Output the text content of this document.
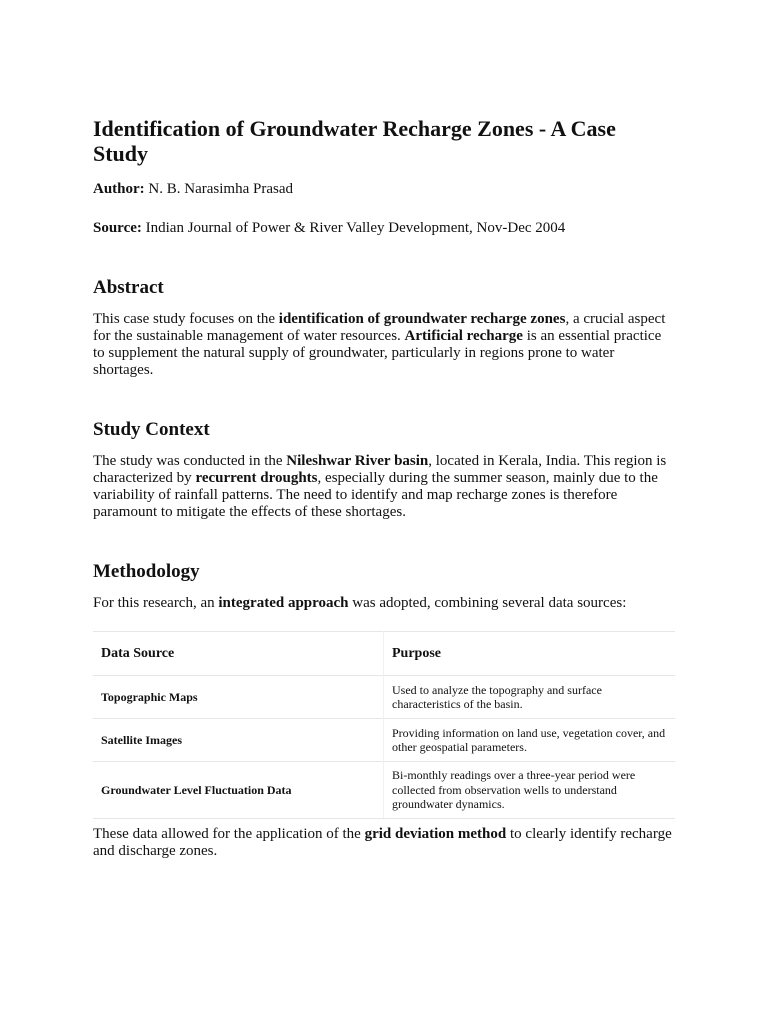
Identification of Groundwater Recharge Zones - A Case Study

Author: N. B. Narasimha Prasad

Source: Indian Journal of Power & River Valley Development, Nov-Dec 2004

Abstract

This case study focuses on the identification of groundwater recharge zones, a crucial aspect for the sustainable management of water resources. Artificial recharge is an essential practice to supplement the natural supply of groundwater, particularly in regions prone to water shortages.

Study Context

The study was conducted in the Nileshwar River basin, located in Kerala, India. This region is characterized by recurrent droughts, especially during the summer season, mainly due to the variability of rainfall patterns. The need to identify and map recharge zones is therefore paramount to mitigate the effects of these shortages.

Methodology

For this research, an integrated approach was adopted, combining several data sources:

Data Source	Purpose
Topographic Maps	Used to analyze the topography and surface characteristics of the basin.
Satellite Images	Providing information on land use, vegetation cover, and other geospatial parameters.
Groundwater Level Fluctuation Data	Bi-monthly readings over a three-year period were collected from observation wells to understand groundwater dynamics.

These data allowed for the application of the grid deviation method to clearly identify recharge and discharge zones.
